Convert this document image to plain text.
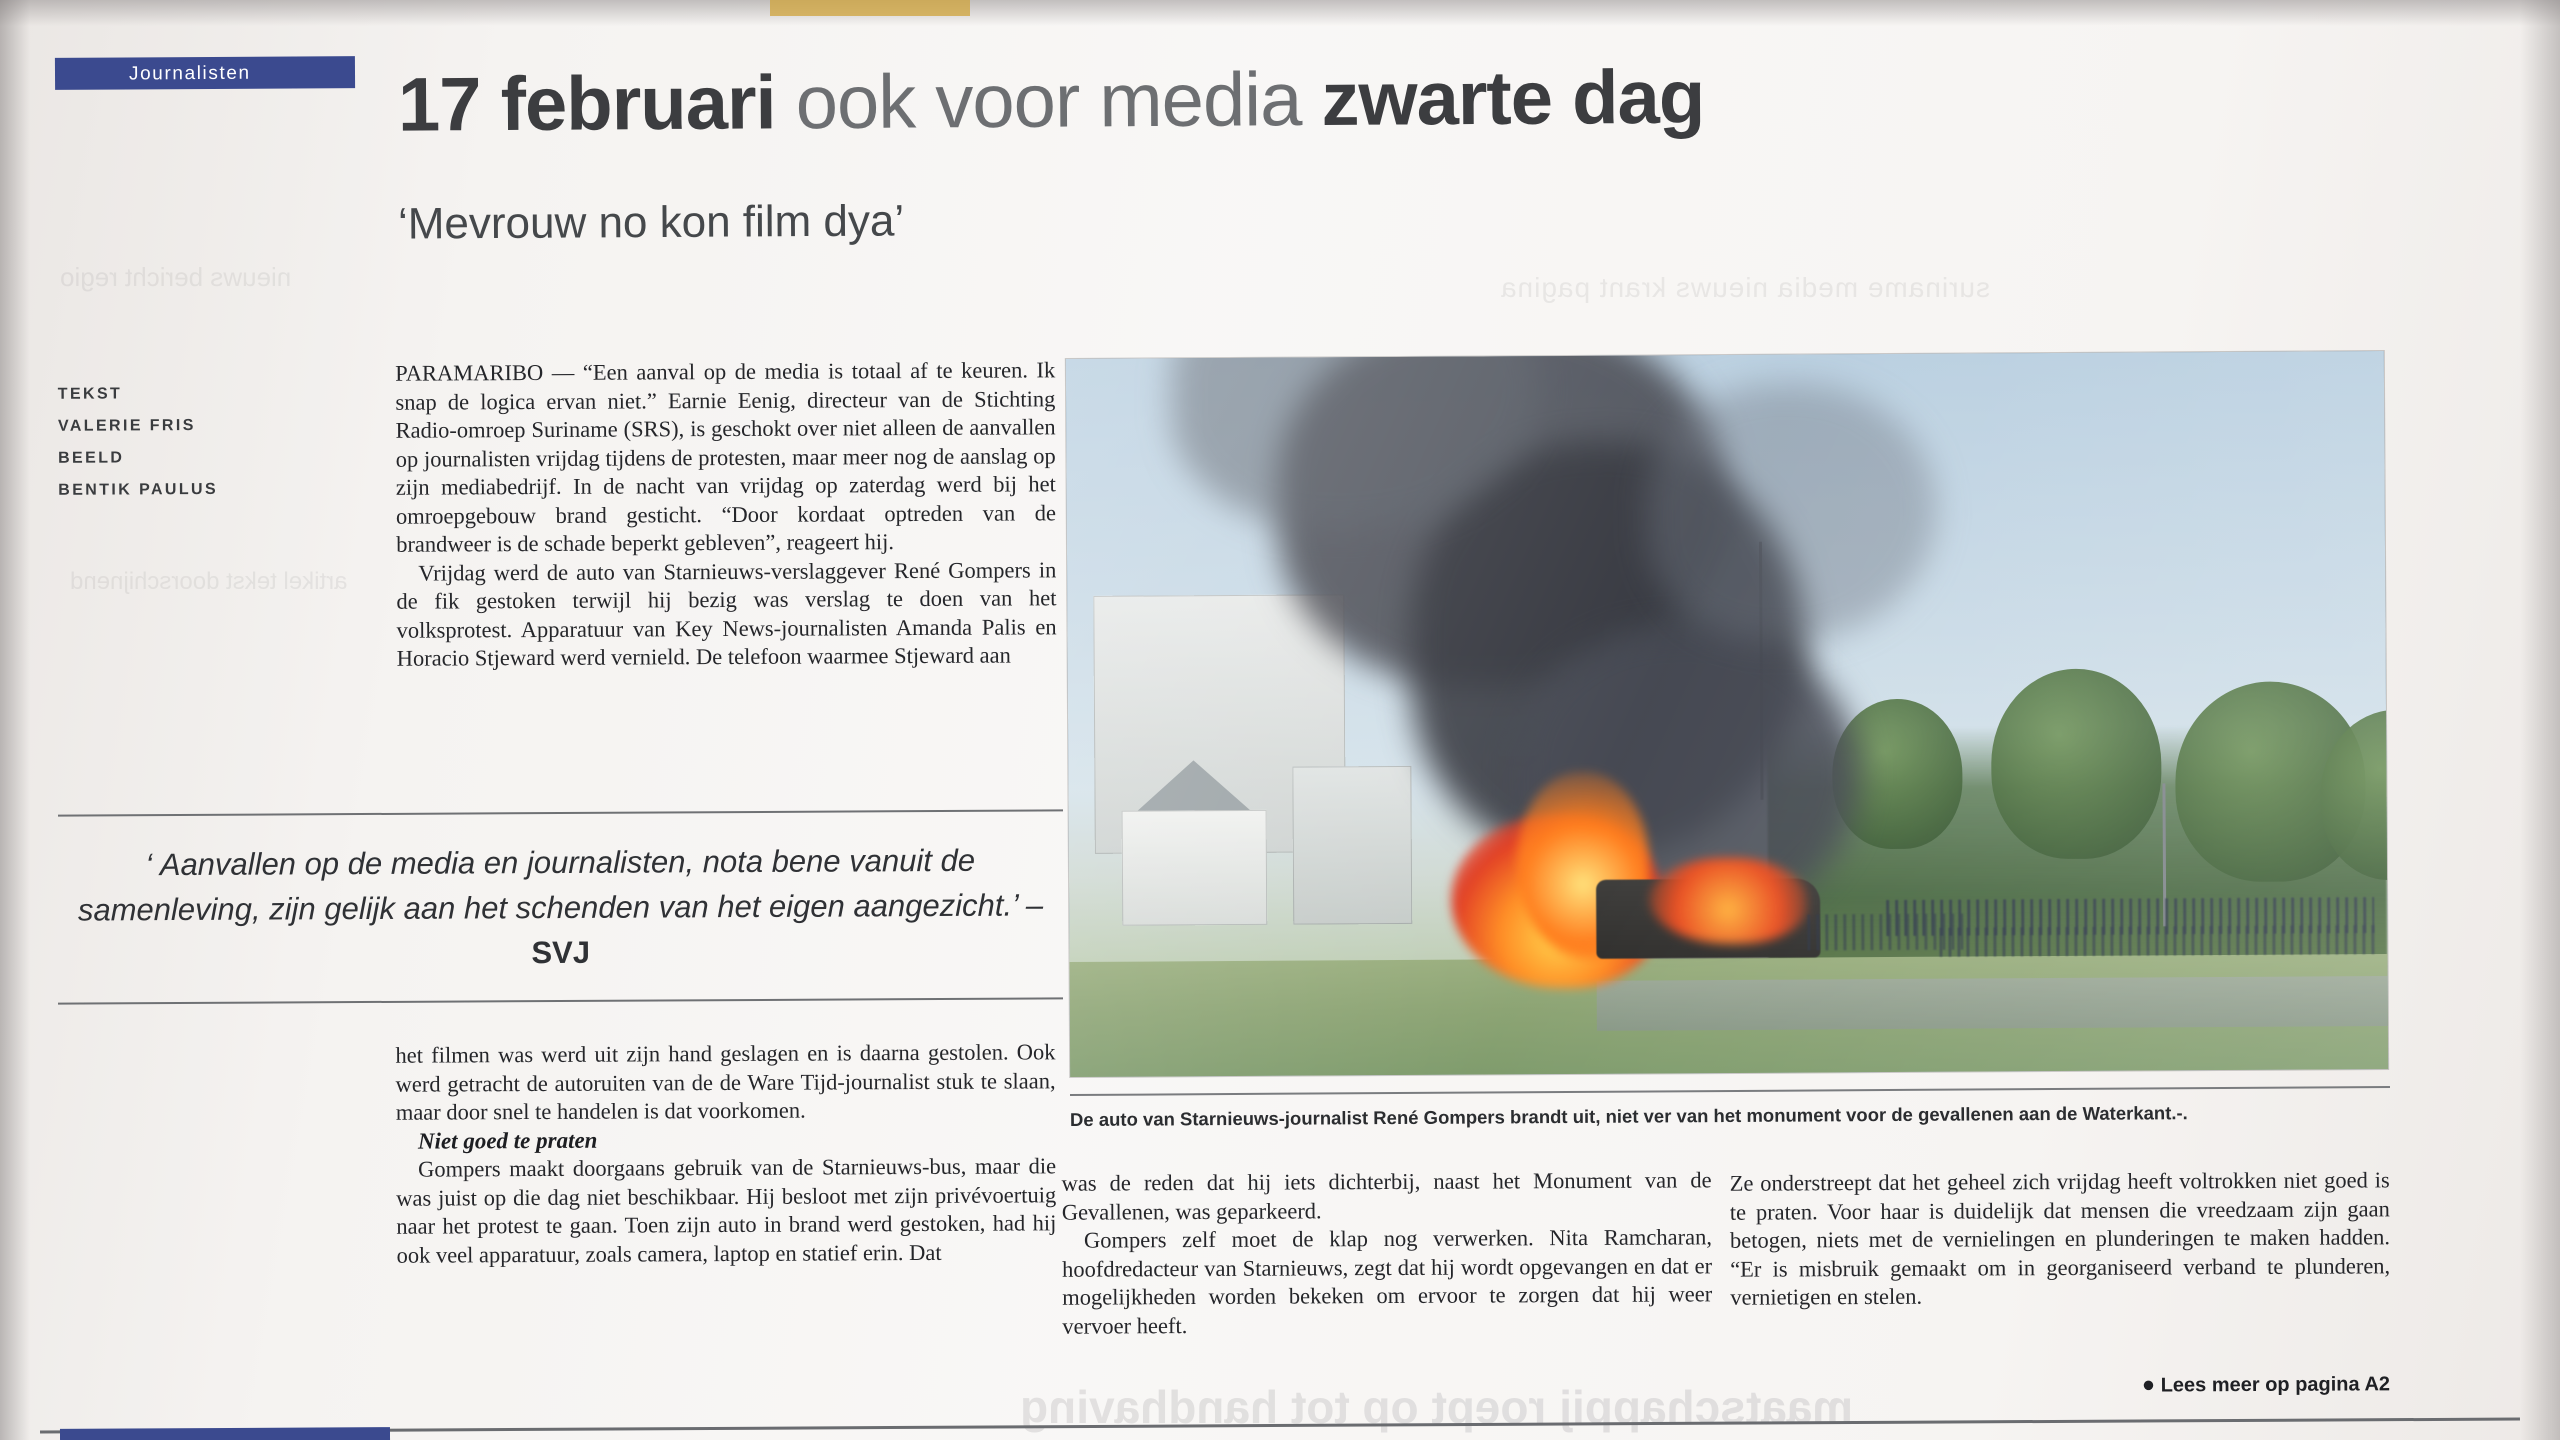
suriname media nieuws krant pagina
nieuws bericht regio
maatschappij roept op tot handhaving
artikel tekst doorschijnend
Journalisten	17 februari ook voor media zwarte dag
‘Mevrouw no kon film dya’
TEKST
VALERIE FRIS
BEELD
BENTIK PAULUS

PARAMARIBO — “Een aanval op de media is totaal af te keuren. Ik snap de logica ervan niet.” Earnie Eenig, directeur van de Stichting Radio-omroep Suriname (SRS), is geschokt over niet alleen de aanvallen op journalisten vrijdag tijdens de protesten, maar meer nog de aanslag op zijn mediabedrijf. In de nacht van vrijdag op zaterdag werd bij het omroepgebouw brand gesticht. “Door kordaat optreden van de brandweer is de schade beperkt gebleven”, reageert hij.

Vrijdag werd de auto van Starnieuws-verslaggever René Gompers in de fik gestoken terwijl hij bezig was verslag te doen van het volksprotest. Apparatuur van Key News-journalisten Amanda Palis en Horacio Stjeward werd vernield. De telefoon waarmee Stjeward aan

‘ Aanvallen op de media en journalisten, nota bene vanuit de samenleving, zijn gelijk aan het schenden van het eigen aangezicht.’ – SVJ

het filmen was werd uit zijn hand geslagen en is daarna gestolen. Ook werd getracht de autoruiten van de de Ware Tijd-journalist stuk te slaan, maar door snel te handelen is dat voorkomen.

Niet goed te praten

Gompers maakt doorgaans gebruik van de Starnieuws-bus, maar die was juist op die dag niet beschikbaar. Hij besloot met zijn privévoertuig naar het protest te gaan. Toen zijn auto in brand werd gestoken, had hij ook veel apparatuur, zoals camera, laptop en statief erin. Dat

was de reden dat hij iets dichterbij, naast het Monument van de Gevallenen, was geparkeerd.

Gompers zelf moet de klap nog verwerken. Nita Ramcharan, hoofdredacteur van Starnieuws, zegt dat hij wordt opgevangen en dat er mogelijkheden worden bekeken om ervoor te zorgen dat hij weer vervoer heeft.

Ze onderstreept dat het geheel zich vrijdag heeft voltrokken niet goed is te praten. Voor haar is duidelijk dat mensen die vreedzaam zijn gaan betogen, niets met de vernielingen en plunderingen te maken hadden. “Er is misbruik gemaakt om in georganiseerd verband te plunderen, vernietigen en stelen.

De auto van Starnieuws-journalist René Gompers brandt uit, niet ver van het monument voor de gevallenen aan de Waterkant.-.
● Lees meer op pagina A2
